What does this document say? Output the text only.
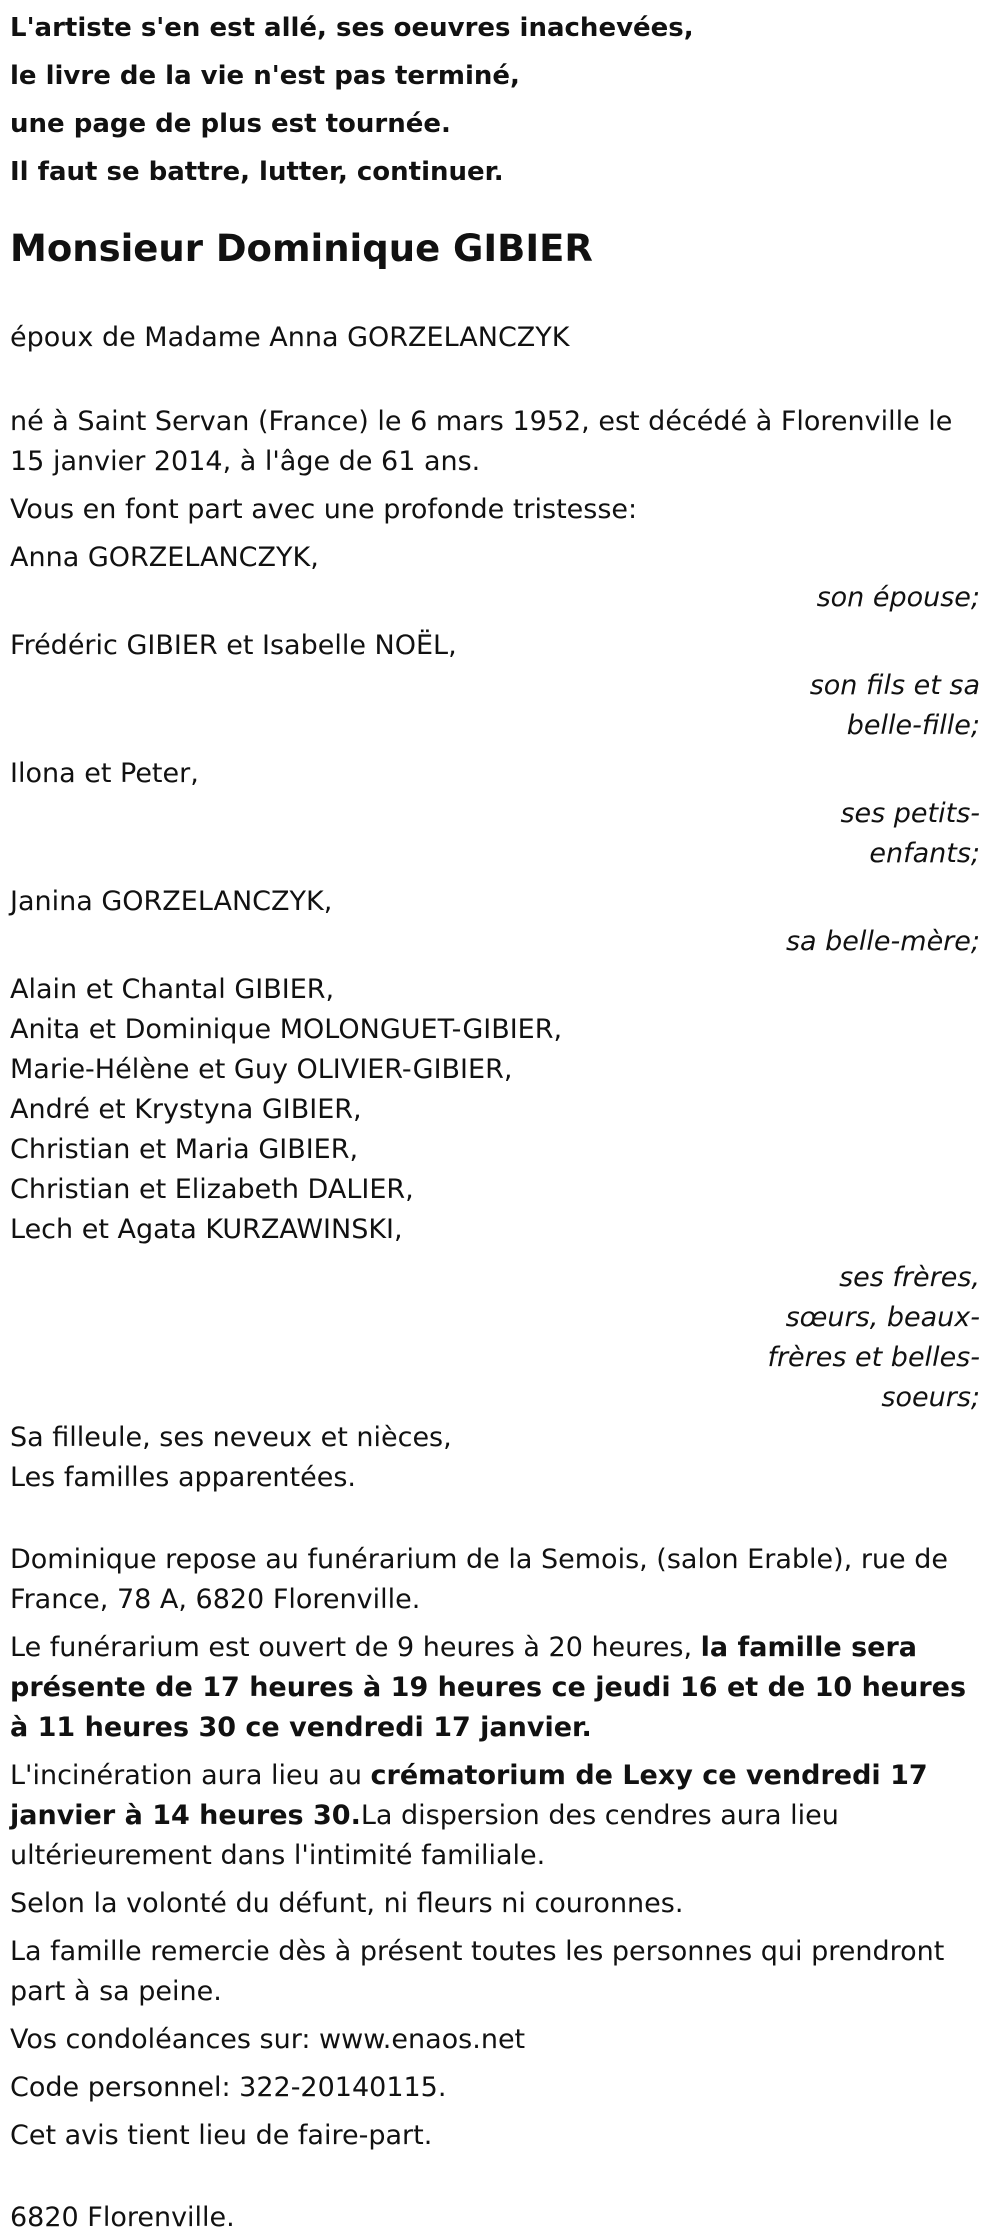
L'artiste s'en est allé, ses oeuvres inachevées,

le livre de la vie n'est pas terminé,

une page de plus est tournée.

Il faut se battre, lutter, continuer.

Monsieur Dominique GIBIER

époux de Madame Anna GORZELANCZYK

né à Saint Servan (France) le 6 mars 1952, est décédé à Florenville le 15 janvier 2014, à l'âge de 61 ans.

Vous en font part avec une profonde tristesse:

Anna GORZELANCZYK,
son épouse;
Frédéric GIBIER et Isabelle NOËL,
son fils et sa belle-fille;
Ilona et Peter,
ses petits-enfants;
Janina GORZELANCZYK,
sa belle-mère;
Alain et Chantal GIBIER,
Anita et Dominique MOLONGUET-GIBIER,
Marie-Hélène et Guy OLIVIER-GIBIER,
André et Krystyna GIBIER,
Christian et Maria GIBIER,
Christian et Elizabeth DALIER,
Lech et Agata KURZAWINSKI,
ses frères, sœurs, beaux-frères et belles-soeurs;
Sa filleule, ses neveux et nièces,
Les familles apparentées.

Dominique repose au funérarium de la Semois, (salon Erable), rue de France, 78 A, 6820 Florenville.

Le funérarium est ouvert de 9 heures à 20 heures, la famille sera présente de 17 heures à 19 heures ce jeudi 16 et de 10 heures à 11 heures 30 ce vendredi 17 janvier.

L'incinération aura lieu au crématorium de Lexy ce vendredi 17 janvier à 14 heures 30.La dispersion des cendres aura lieu ultérieurement dans l'intimité familiale.

Selon la volonté du défunt, ni fleurs ni couronnes.

La famille remercie dès à présent toutes les personnes qui prendront part à sa peine.

Vos condoléances sur: www.enaos.net

Code personnel: 322-20140115.

Cet avis tient lieu de faire-part.

6820 Florenville.
